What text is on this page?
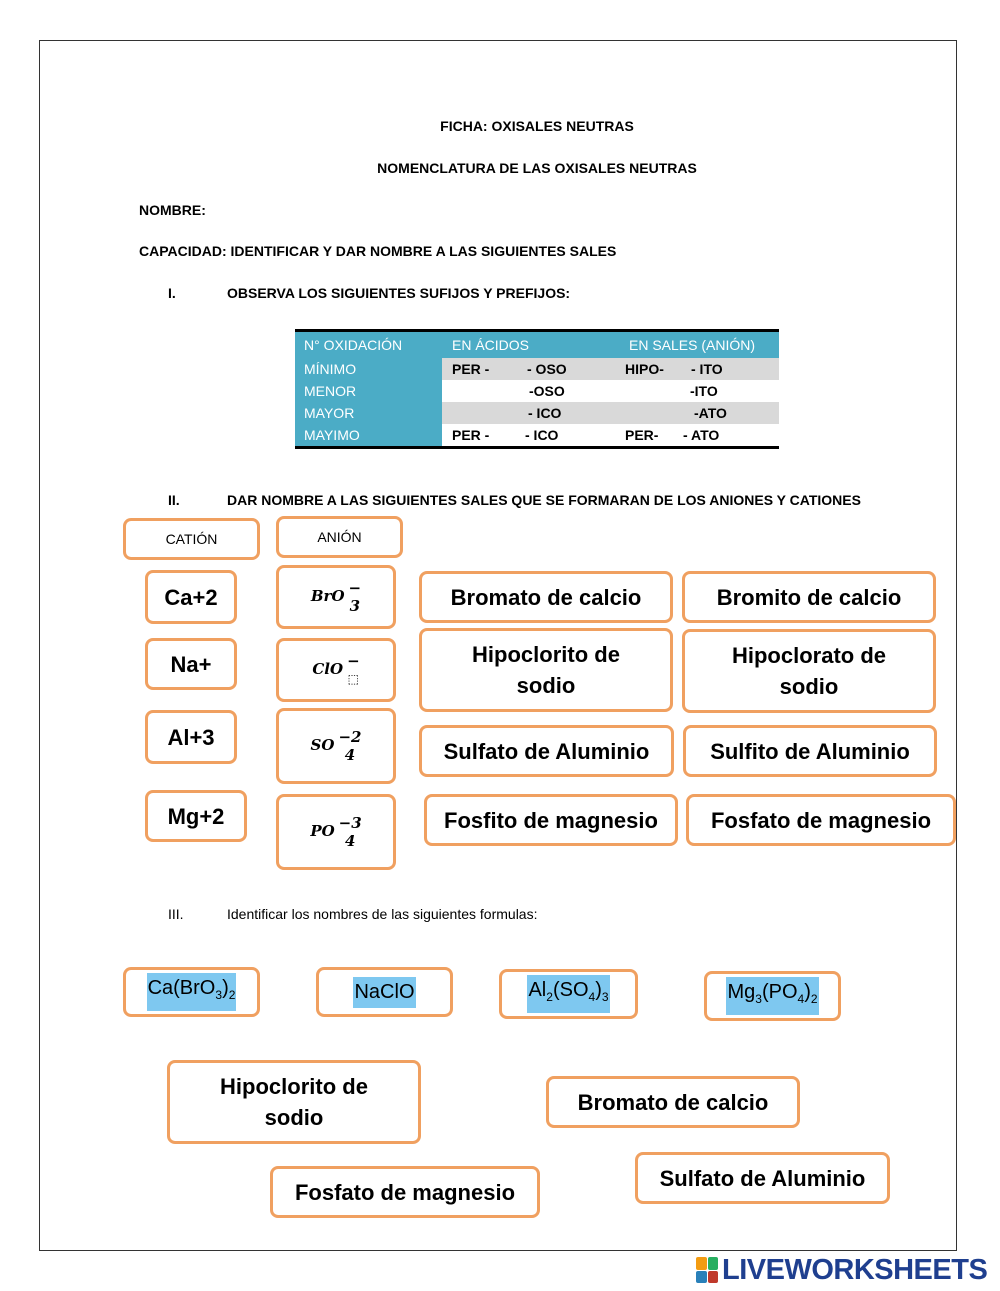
FICHA: OXISALES NEUTRAS
NOMENCLATURA DE LAS OXISALES NEUTRAS
NOMBRE:
CAPACIDAD: IDENTIFICAR Y DAR NOMBRE A LAS SIGUIENTES SALES
I.	OBSERVA LOS SIGUIENTES SUFIJOS Y PREFIJOS:
N° OXIDACIÓN	EN ÁCIDOS	EN SALES (ANIÓN)
MÍNIMO	PER -	- OSO	HIPO- - ITO
MENOR	-OSO	-ITO
MAYOR	- ICO	-ATO
MAYIMO	PER -	- ICO	PER- - ATO
II.	DAR NOMBRE A LAS SIGUIENTES SALES QUE SE FORMARAN DE LOS ANIONES Y CATIONES
CATIÓN	ANIÓN
Ca+2	BrO −
3	Bromato de calcio	Bromito de calcio
Na+	ClO −
⬚
Hipoclorito de sodio
Hipoclorato de sodio
Al+3	SO −2
4	Sulfato de Aluminio	Sulfito de Aluminio
Mg+2
PO −3
4
Fosfito de magnesio	Fosfato de magnesio
III.	Identificar los nombres de las siguientes formulas:
$Ca(BrO_3)_2$	NaClO	$Al_2(SO_4)_3$	$Mg_3(PO_4)_2$
Hipoclorito de sodio
Bromato de calcio
Fosfato de magnesio
Sulfato de Aluminio
LIVEWORKSHEETS
